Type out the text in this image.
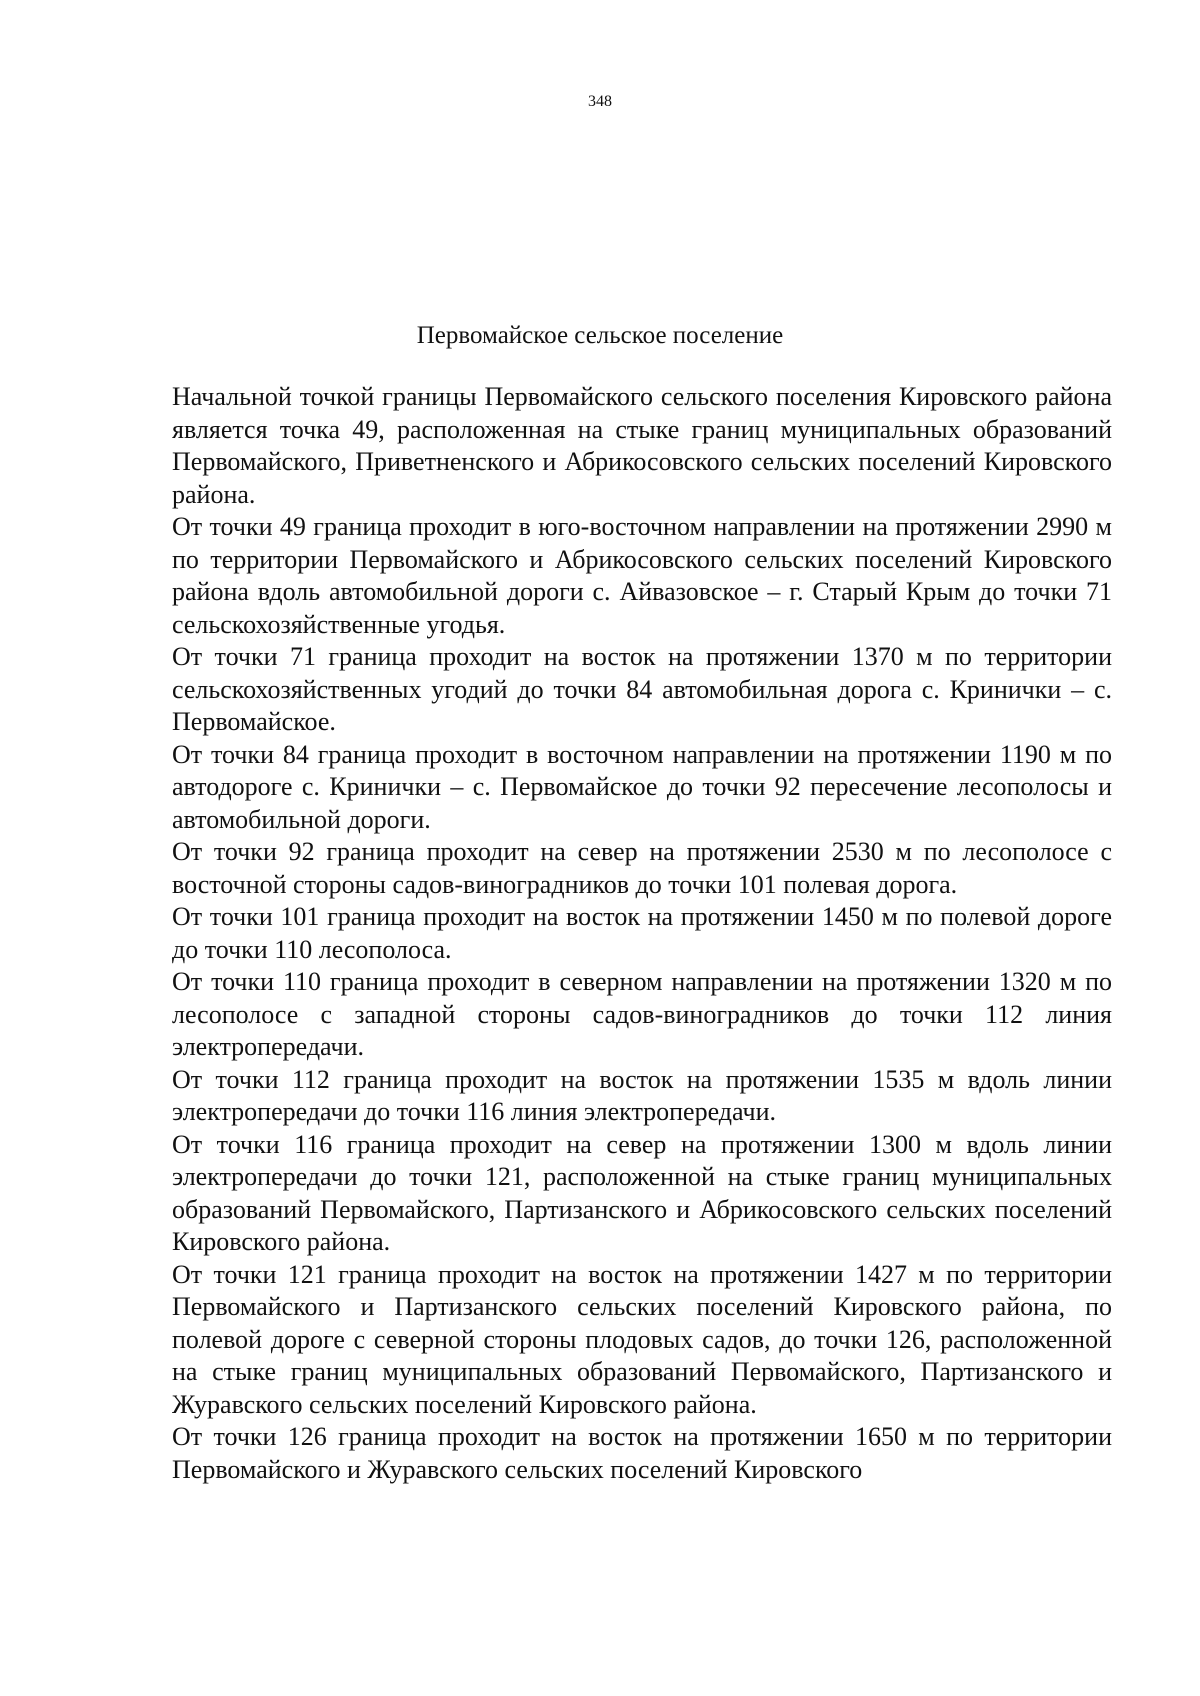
348
Первомайское сельское поселение

Начальной точкой границы Первомайского сельского поселения Кировского района является точка 49, расположенная на стыке границ муниципальных образований Первомайского, Приветненского и Абрикосовского сельских поселений Кировского района.

От точки 49 граница проходит в юго-восточном направлении на протяжении 2990 м по территории Первомайского и Абрикосовского сельских поселений Кировского района вдоль автомобильной дороги с. Айвазовское – г. Старый Крым до точки 71 сельскохозяйственные угодья.

От точки 71 граница проходит на восток на протяжении 1370 м по территории сельскохозяйственных угодий до точки 84 автомобильная дорога с. Кринички – с. Первомайское.

От точки 84 граница проходит в восточном направлении на протяжении 1190 м по автодороге с. Кринички – с. Первомайское до точки 92 пересечение лесополосы и автомобильной дороги.

От точки 92 граница проходит на север на протяжении 2530 м по лесополосе с восточной стороны садов-виноградников до точки 101 полевая дорога.

От точки 101 граница проходит на восток на протяжении 1450 м по полевой дороге до точки 110 лесополоса.

От точки 110 граница проходит в северном направлении на протяжении 1320 м по лесополосе с западной стороны садов-виноградников до точки 112 линия электропередачи.

От точки 112 граница проходит на восток на протяжении 1535 м вдоль линии электропередачи до точки 116 линия электропередачи.

От точки 116 граница проходит на север на протяжении 1300 м вдоль линии электропередачи до точки 121, расположенной на стыке границ муниципальных образований Первомайского, Партизанского и Абрикосовского сельских поселений Кировского района.

От точки 121 граница проходит на восток на протяжении 1427 м по территории Первомайского и Партизанского сельских поселений Кировского района, по полевой дороге с северной стороны плодовых садов, до точки 126, расположенной на стыке границ муниципальных образований Первомайского, Партизанского и Журавского сельских поселений Кировского района.

От точки 126 граница проходит на восток на протяжении 1650 м по территории Первомайского и Журавского сельских поселений Кировского
